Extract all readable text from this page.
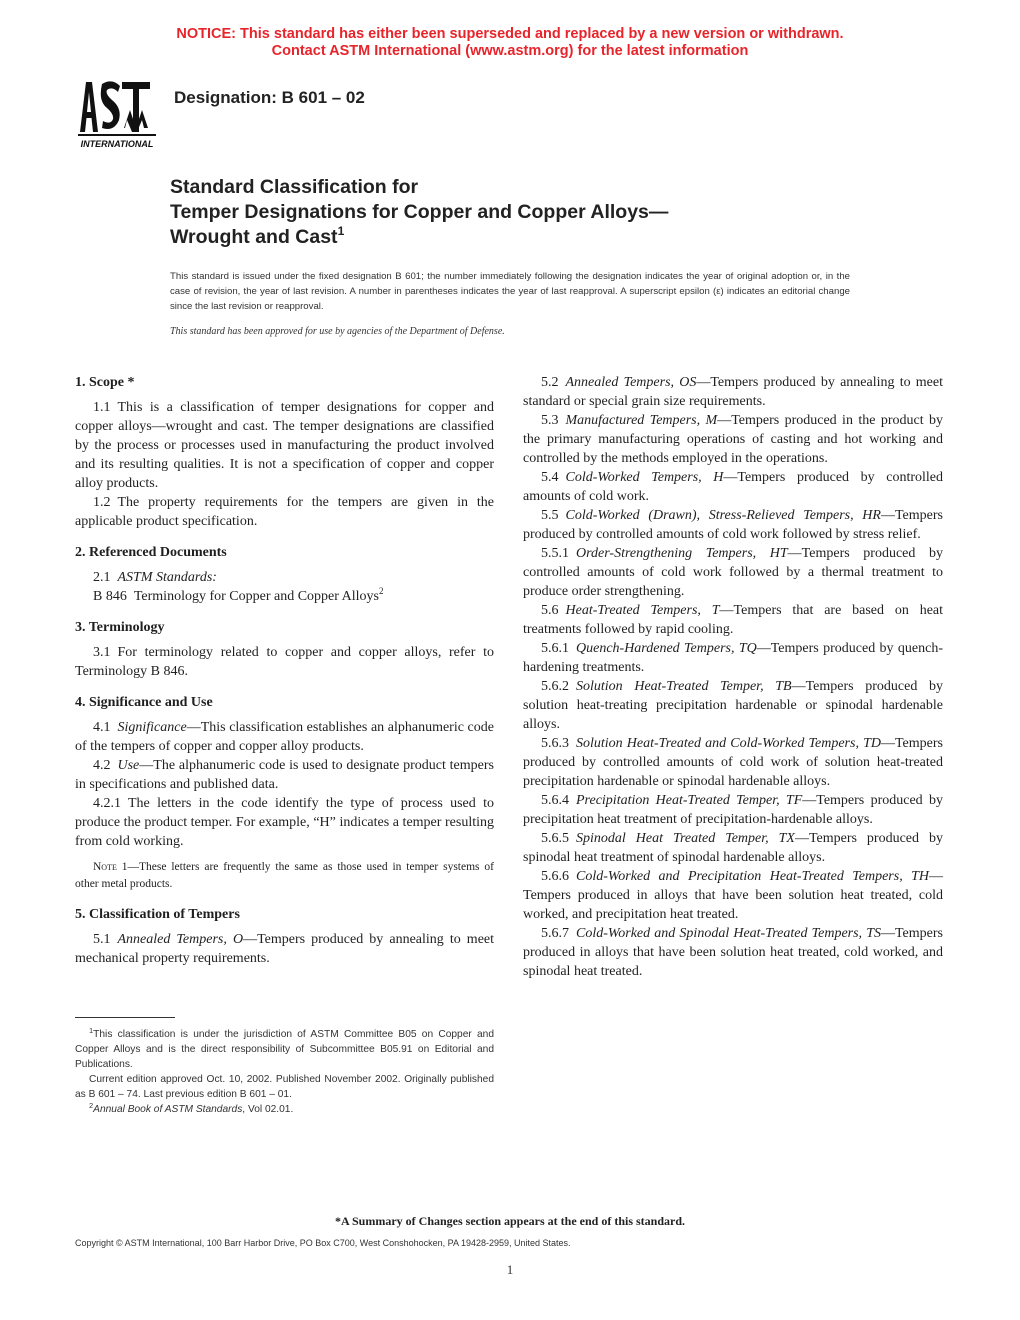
NOTICE: This standard has either been superseded and replaced by a new version or withdrawn.
Contact ASTM International (www.astm.org) for the latest information
INTERNATIONAL
Designation: B 601 – 02
Standard Classification for
Temper Designations for Copper and Copper Alloys—
Wrought and Cast$^1$
This standard is issued under the fixed designation B 601; the number immediately following the designation indicates the year of original adoption or, in the case of revision, the year of last revision. A number in parentheses indicates the year of last reapproval. A superscript epsilon (ε) indicates an editorial change since the last revision or reapproval.
This standard has been approved for use by agencies of the Department of Defense.
1. Scope *
1.1  This is a classification of temper designations for copper and copper alloys—wrought and cast. The temper designations are classified by the process or processes used in manufacturing the product involved and its resulting qualities. It is not a specification of copper and copper alloy products.
1.2  The property requirements for the tempers are given in the applicable product specification.
2. Referenced Documents
2.1  ASTM Standards:
B 846  Terminology for Copper and Copper Alloys$^2$
3. Terminology
3.1  For terminology related to copper and copper alloys, refer to Terminology B 846.
4. Significance and Use
4.1  Significance—This classification establishes an alphanumeric code of the tempers of copper and copper alloy products.
4.2  Use—The alphanumeric code is used to designate product tempers in specifications and published data.
4.2.1  The letters in the code identify the type of process used to produce the product temper. For example, “H” indicates a temper resulting from cold working.
Note 1—These letters are frequently the same as those used in temper systems of other metal products.
5. Classification of Tempers
5.1  Annealed Tempers, O—Tempers produced by annealing to meet mechanical property requirements.
5.2  Annealed Tempers, OS—Tempers produced by annealing to meet standard or special grain size requirements.
5.3  Manufactured Tempers, M—Tempers produced in the product by the primary manufacturing operations of casting and hot working and controlled by the methods employed in the operations.
5.4  Cold-Worked Tempers, H—Tempers produced by controlled amounts of cold work.
5.5  Cold-Worked (Drawn), Stress-Relieved Tempers, HR—Tempers produced by controlled amounts of cold work followed by stress relief.
5.5.1  Order-Strengthening Tempers, HT—Tempers produced by controlled amounts of cold work followed by a thermal treatment to produce order strengthening.
5.6  Heat-Treated Tempers, T—Tempers that are based on heat treatments followed by rapid cooling.
5.6.1  Quench-Hardened Tempers, TQ—Tempers produced by quench-hardening treatments.
5.6.2  Solution Heat-Treated Temper, TB—Tempers produced by solution heat-treating precipitation hardenable or spinodal hardenable alloys.
5.6.3  Solution Heat-Treated and Cold-Worked Tempers, TD—Tempers produced by controlled amounts of cold work of solution heat-treated precipitation hardenable or spinodal hardenable alloys.
5.6.4  Precipitation Heat-Treated Temper, TF—Tempers produced by precipitation heat treatment of precipitation-hardenable alloys.
5.6.5  Spinodal Heat Treated Temper, TX—Tempers produced by spinodal heat treatment of spinodal hardenable alloys.
5.6.6  Cold-Worked and Precipitation Heat-Treated Tempers, TH—Tempers produced in alloys that have been solution heat treated, cold worked, and precipitation heat treated.
5.6.7  Cold-Worked and Spinodal Heat-Treated Tempers, TS—Tempers produced in alloys that have been solution heat treated, cold worked, and spinodal heat treated.
$^1$This classification is under the jurisdiction of ASTM Committee B05 on Copper and Copper Alloys and is the direct responsibility of Subcommittee B05.91 on Editorial and Publications.
Current edition approved Oct. 10, 2002. Published November 2002. Originally published as B 601 – 74. Last previous edition B 601 – 01.
$^2$Annual Book of ASTM Standards, Vol 02.01.
*A Summary of Changes section appears at the end of this standard.
Copyright © ASTM International, 100 Barr Harbor Drive, PO Box C700, West Conshohocken, PA 19428-2959, United States.
1
